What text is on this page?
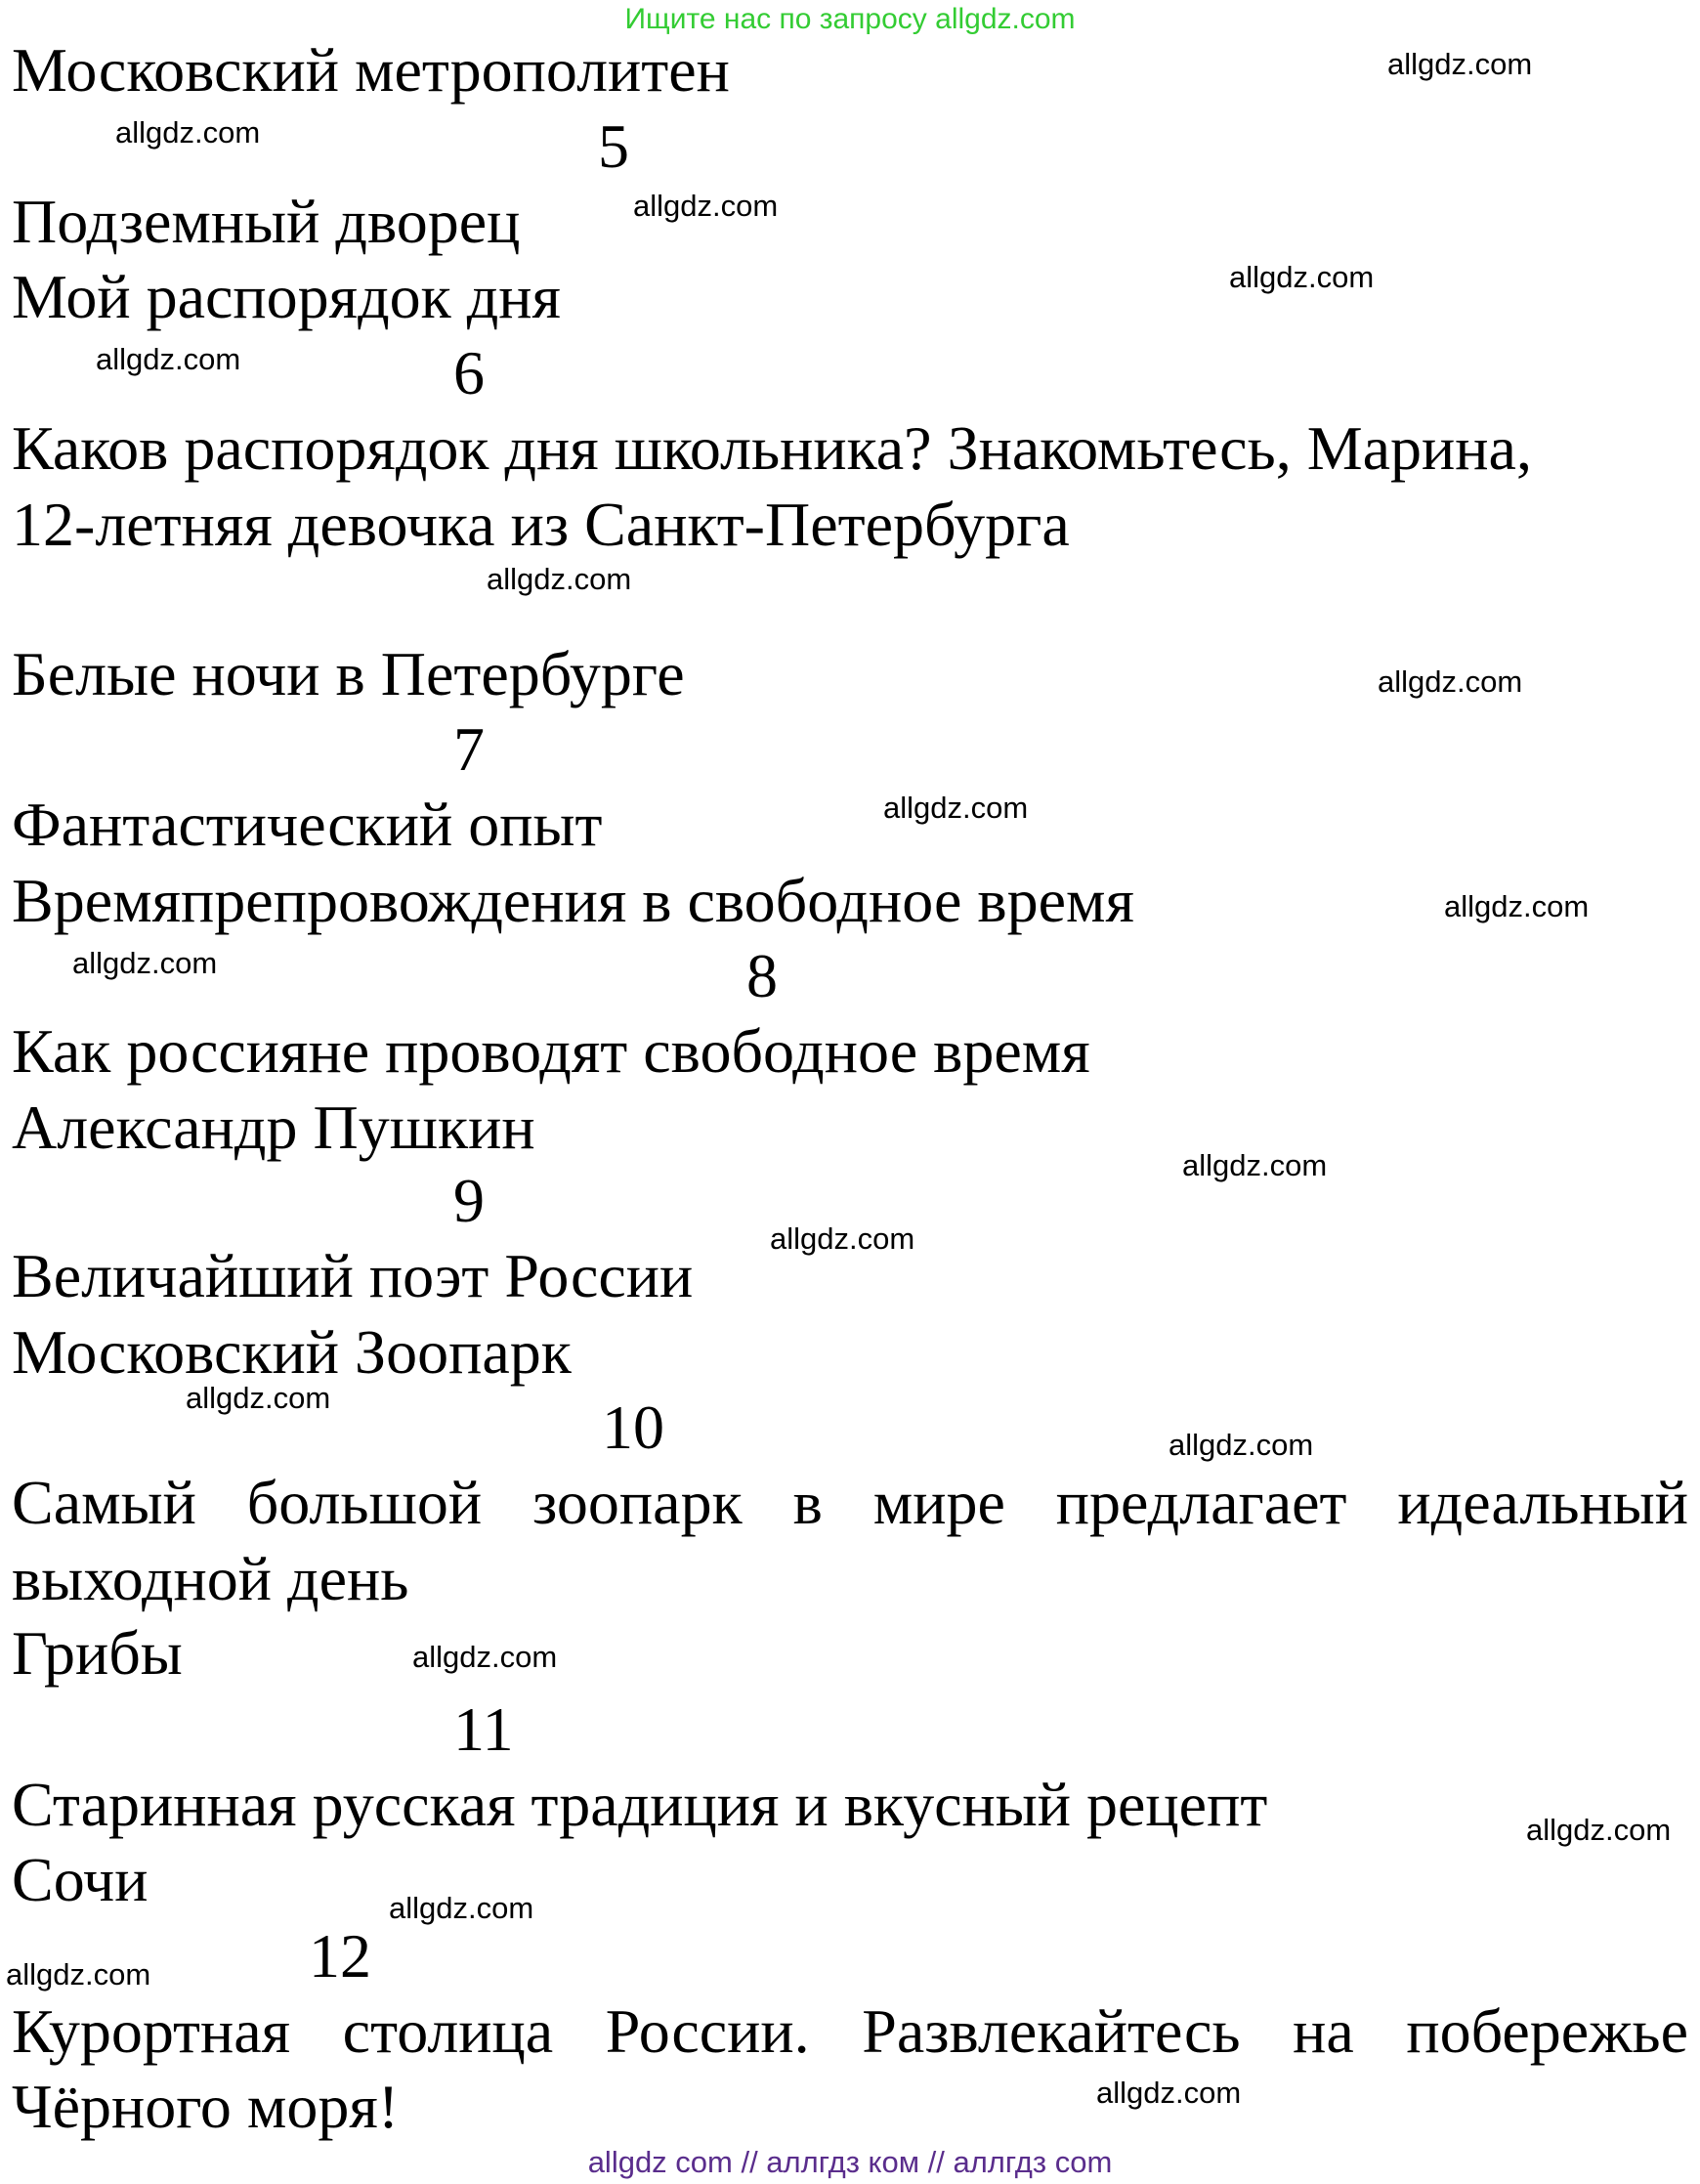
Ищите нас по запросу allgdz.com

Московский метрополитен

5

Подземный дворец

Мой распорядок дня

6

Каков распорядок дня школьника? Знакомьтесь, Марина,

12-летняя девочка из Санкт-Петербурга

Белые ночи в Петербурге

7

Фантастический опыт

Времяпрепровождения в свободное время

8

Как россияне проводят свободное время

Александр Пушкин

9

Величайший поэт России

Московский Зоопарк

10

Самый большой зоопарк в мире предлагает идеальный

выходной день

Грибы

11

Старинная русская традиция и вкусный рецепт

Сочи

12

Курортная столица России. Развлекайтесь на побережье

Чёрного моря!

allgdz.com
allgdz.com
allgdz.com
allgdz.com
allgdz.com
allgdz.com
allgdz.com
allgdz.com
allgdz.com
allgdz.com
allgdz.com
allgdz.com
allgdz.com
allgdz.com
allgdz.com
allgdz.com
allgdz.com
allgdz.com
allgdz.com
allgdz com // аллгдз ком // аллгдз com
